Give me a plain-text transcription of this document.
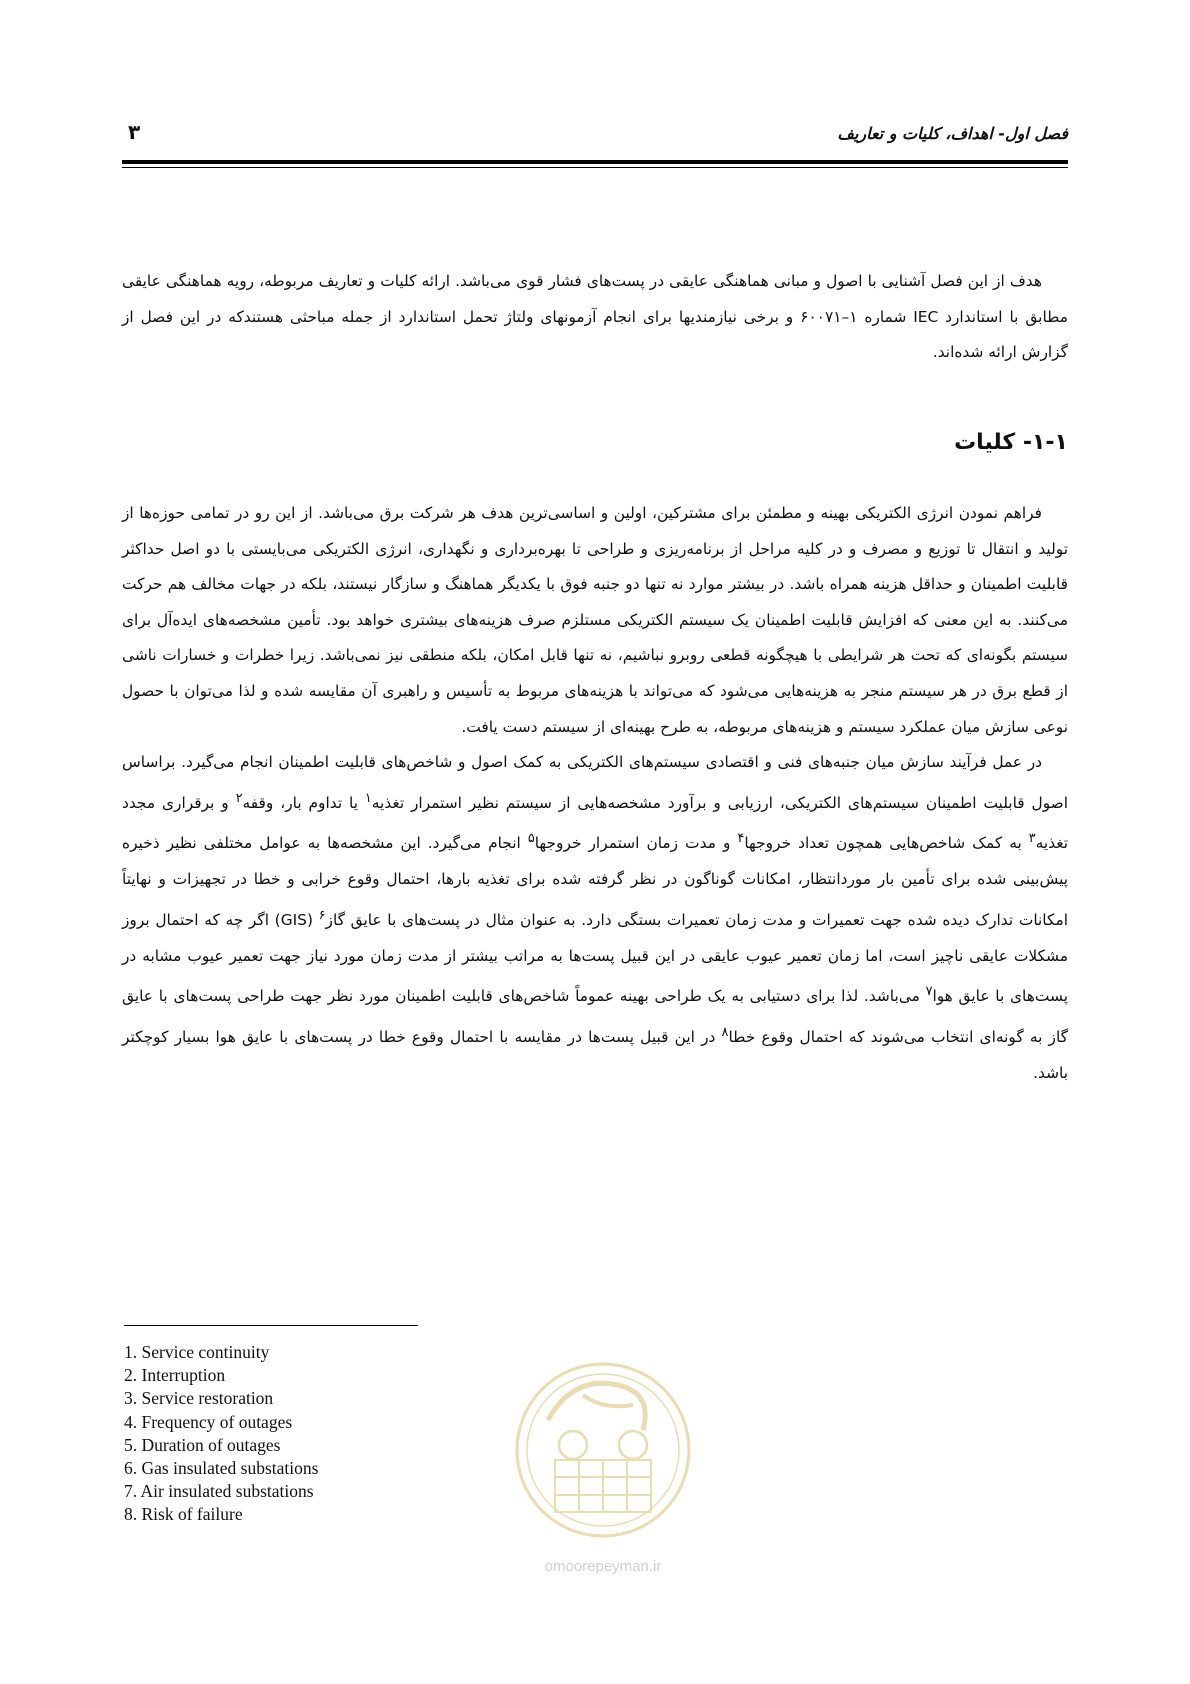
فصل اول- اهداف، کلیات و تعاریف
۳

هدف از این فصل آشنایی با اصول و مبانی هماهنگی عایقی در پست‌های فشار قوی می‌باشد. ارائه کلیات و تعاریف مربوطه، رویه هماهنگی عایقی مطابق با استاندارد IEC شماره ۱–۶۰۰۷۱ و برخی نیازمندیها برای انجام آزمونهای ولتاژ تحمل استاندارد از جمله مباحثی هستندکه در این فصل از گزارش ارائه شده‌اند.

۱-۱- کلیات

فراهم نمودن انرژی الکتریکی بهینه و مطمئن برای مشترکین، اولین و اساسی‌ترین هدف هر شرکت برق می‌باشد. از این رو در تمامی حوزه‌ها از تولید و انتقال تا توزیع و مصرف و در کلیه مراحل از برنامه‌ریزی و طراحی تا بهره‌برداری و نگهداری، انرژی الکتریکی می‌بایستی با دو اصل حداکثر قابلیت اطمینان و حداقل هزینه همراه باشد. در بیشتر موارد نه تنها دو جنبه فوق با یکدیگر هماهنگ و سازگار نیستند، بلکه در جهات مخالف هم حرکت می‌کنند. به این معنی که افزایش قابلیت اطمینان یک سیستم الکتریکی مستلزم صرف هزینه‌های بیشتری خواهد بود. تأمین مشخصه‌های ایده‌آل برای سیستم بگونه‌ای که تحت هر شرایطی با هیچگونه قطعی روبرو نباشیم، نه تنها قابل امکان، بلکه منطقی نیز نمی‌باشد. زیرا خطرات و خسارات ناشی از قطع برق در هر سیستم منجر به هزینه‌هایی می‌شود که می‌تواند با هزینه‌های مربوط به تأسیس و راهبری آن مقایسه شده و لذا می‌توان با حصول نوعی سازش میان عملکرد سیستم و هزینه‌های مربوطه، به طرح بهینه‌ای از سیستم دست یافت.

در عمل فرآیند سازش میان جنبه‌های فنی و اقتصادی سیستم‌های الکتریکی به کمک اصول و شاخص‌های قابلیت اطمینان انجام می‌گیرد. براساس اصول قابلیت اطمینان سیستم‌های الکتریکی، ارزیابی و برآورد مشخصه‌هایی از سیستم نظیر استمرار تغذیه$^۱$ یا تداوم بار، وقفه$^۲$ و برقراری مجدد تغذیه$^۳$ به کمک شاخص‌هایی همچون تعداد خروجها$^۴$ و مدت زمان استمرار خروجها$^۵$ انجام می‌گیرد. این مشخصه‌ها به عوامل مختلفی نظیر ذخیره پیش‌بینی شده برای تأمین بار موردانتظار، امکانات گوناگون در نظر گرفته شده برای تغذیه بارها، احتمال وقوع خرابی و خطا در تجهیزات و نهایتاً امکانات تدارک دیده شده جهت تعمیرات و مدت زمان تعمیرات بستگی دارد. به عنوان مثال در پست‌های با عایق گاز$^۶$ (GIS) اگر چه که احتمال بروز مشکلات عایقی ناچیز است، اما زمان تعمیر عیوب عایقی در این قبیل پست‌ها به مراتب بیشتر از مدت زمان مورد نیاز جهت تعمیر عیوب مشابه در پست‌های با عایق هوا$^۷$ می‌باشد. لذا برای دستیابی به یک طراحی بهینه عموماً شاخص‌های قابلیت اطمینان مورد نظر جهت طراحی پست‌های با عایق گاز به گونه‌ای انتخاب می‌شوند که احتمال وقوع خطا$^۸$ در این قبیل پست‌ها در مقایسه با احتمال وقوع خطا در پست‌های با عایق هوا بسیار کوچکتر باشد.

omoorepeyman.ir
1. Service continuity
2. Interruption
3. Service restoration
4. Frequency of outages
5. Duration of outages
6. Gas insulated substations
7. Air insulated substations
8. Risk of failure
